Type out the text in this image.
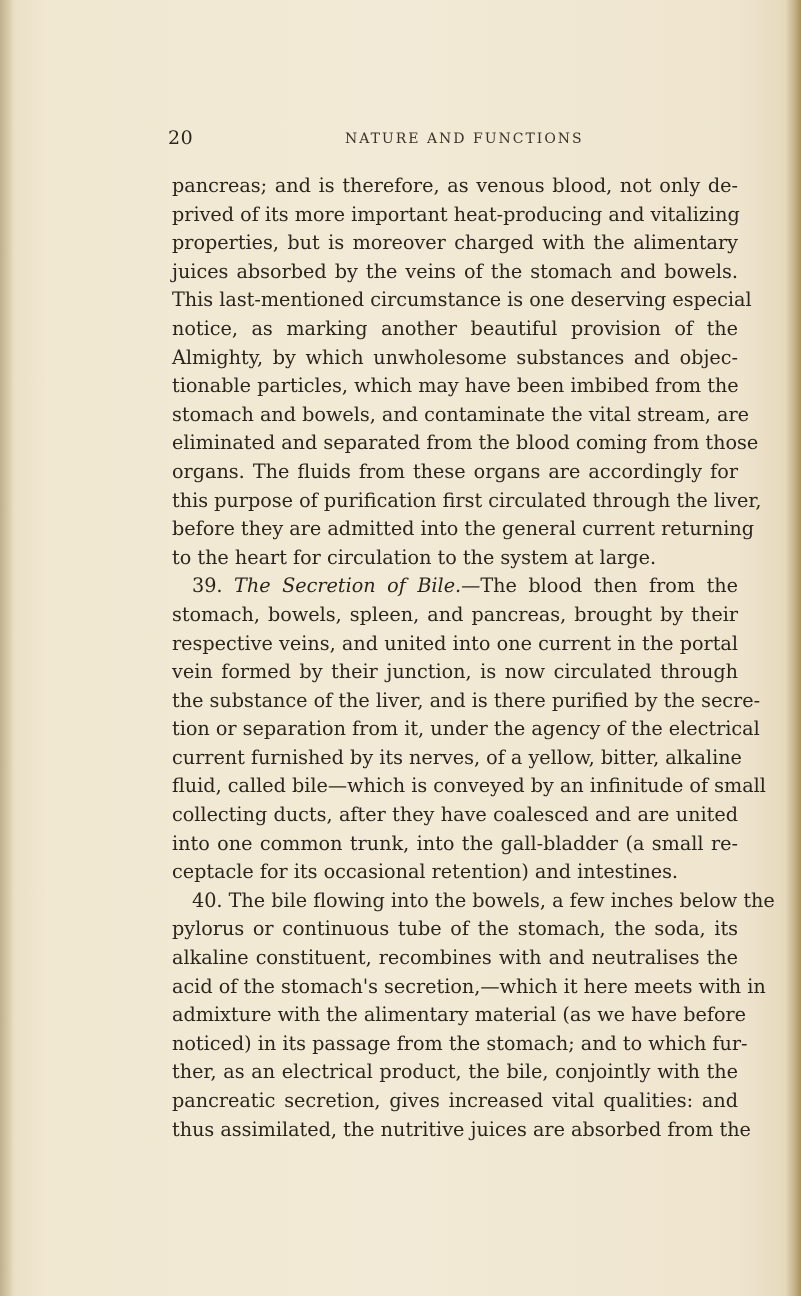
20	NATURE AND FUNCTIONS
pancreas; and is therefore, as venous blood, not only de-
prived of its more important heat-producing and vitalizing
properties, but is moreover charged with the alimentary
juices absorbed by the veins of the stomach and bowels.
This last-mentioned circumstance is one deserving especial
notice, as marking another beautiful provision of the
Almighty, by which unwholesome substances and objec-
tionable particles, which may have been imbibed from the
stomach and bowels, and contaminate the vital stream, are
eliminated and separated from the blood coming from those
organs. The fluids from these organs are accordingly for
this purpose of purification first circulated through the liver,
before they are admitted into the general current returning
to the heart for circulation to the system at large.
39. The Secretion of Bile.—The blood then from the
stomach, bowels, spleen, and pancreas, brought by their
respective veins, and united into one current in the portal
vein formed by their junction, is now circulated through
the substance of the liver, and is there purified by the secre-
tion or separation from it, under the agency of the electrical
current furnished by its nerves, of a yellow, bitter, alkaline
fluid, called bile—which is conveyed by an infinitude of small
collecting ducts, after they have coalesced and are united
into one common trunk, into the gall-bladder (a small re-
ceptacle for its occasional retention) and intestines.
40. The bile flowing into the bowels, a few inches below the
pylorus or continuous tube of the stomach, the soda, its
alkaline constituent, recombines with and neutralises the
acid of the stomach's secretion,—which it here meets with in
admixture with the alimentary material (as we have before
noticed) in its passage from the stomach; and to which fur-
ther, as an electrical product, the bile, conjointly with the
pancreatic secretion, gives increased vital qualities: and
thus assimilated, the nutritive juices are absorbed from the
